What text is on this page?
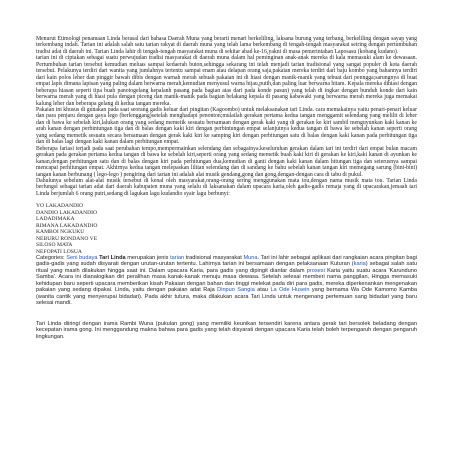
Menurut Etimologi penamaan Linda berasal dari bahasa Daerah Muna yang berarti menari berkeliling, laksana burung yang terbang, berkeliling dengan sayap yang terkembang indah. Tarian ini adalah salah satu tarian rakyat di daerah muna yang telah lama berkembang di tengah-tengah masyarakat seiring dengan pertumbuhan tradisi adat di daerah ini. Tarian Linda lahir di tengah-tengah masyarakat muna di sekitar abad ke-16,yakni di masa pemerintahan Laposasu (kobang kudano).

tarian ini di ciptakan sebagai suatu perwujudan tradisi masyarakat di daerah muna dalam hal peminginan anak-anak mereka di kala memasuki alam ke dewasaan. Pertumbuhan tarian tersebut kemudian meluas sampai kedaerah buton,sehingga sekarang ini telah menjadi tarian tradisional yang sangat populer di kota daerah tersebut. Pelakunya terdiri dari wanita yang jumlahnya tertentu sampai enam atau delapan orang saja,pakaian mereka terdiri dari baju kombo yang bahannya terdiri dari kain polos leher dan pinggir bawah dibis dengan warnah merah sebuah pakaian ini di hiasi dengan manik-manik yang tebuat dari penngga;sarungnya di buat empat lapis dimana lapisan yang paling dalam berwarna merah,kemudian menyusul warna hijau,putih,dan paling luar berwarna hitam. Kepala mereka dihiasi dengan beberapa hiasan seperti tipa buah panotogelang kepalanh pasang pada bagian atas dari pada konde pasun) yang telah di ingkar dengan bunduh konde dari kain berwarna merah yang di hiasi pula dengan piceng dan manik-manik pada bagian belakang kepala di pasang kabawaki yang berwarna merah mereka juga memakai kalung leher dan beberapa gelang di kedua tangan mereka.

Pakaian ini khusus di gunakan pada saat seorang gadis keluar dari pingitan (Kagoombo) untuk melaksanakan tari Linda. cara memakainya yaitu penari-penari keluar dan para penjaru dengan gaya lego (berlenggang)setelah menghadapi penonton;mulailah gerakan pertama kedua tangan menggamit selendang yang melilit di leher dan di bawa ke sebelah kiri,lalukan orang yang sedang memetik sesuatu bersamaan dengan gerak kaki yang di gerakan ke kiri sambil menguyunkan kaki kanan ke arah kanan dengan perbintungan tiga dan di balas dengan kaki kiri dengan perbintungan empat selanjutnya kedua tangan di bawa ke sebelah kanan seperti orang yang sedang memetik sesuatu secara bersamaan dengan gerak kaki kiri ke samping kiri dengan perbitungan satu di balas dengan kaki kanan pada perbitungan tiga dan di balas lagi dengan kaki kanan dalam perbitungan empat.

Beberapa fariasi terjadi pada saat perubahan tempo,mempermainkan selendang dan sebagainya.keseluruhan gerakan dalam tari ini terdiri dari empat bulan macam gerakan pada gerakan pertama kedua tangan di bawa ke sebelah kiri,seperti orang yang sedang memetik buah kaki kiri di gerakan ke kiri,kaki kanan di ayunkan ke kanan,dengan perhitungan satu dan di balas dengan kiri pada perhitungan dua,kemudian di ganti dengan kaki kanan dalam hitungan tiga dan seterusnya sampai mencapai perhitungan empat. Akhirnya kedua tangan melepaskan lilitan selendang dan di sandang ke bahu sebelah kanan tangan kiri memegang sarung (bini-bini) tangan kanan berbunang ( lego-lego ) pengiring dari tarian ini adalah alat musik gendang,gong dan gong,dengan-dengan cara di tabu di pukul.

Dahulunya sebelum alat-alat musik tersebut di kenal oleh masyarakat,orang-orang sering menggunakan mata tou,dengan nama musik mata tou. Tarian Linda berfungsi sebagai tarian adat dari daerah kabupaten muna yang selalu di laksanakan dalam upacara karia,oleh gadis-gadis remaja yang di upacarakan,jemaah tari Linda berjumlah 6 orang putri,sedang di lagukan lagu kudandio syair lagu berbunyi:

YO LAKADANDIO
DANDIO LAKADANDIO
LADADIMAKA
RIMANA LAKADANDIO
KAMBOI NGKUKU
NEBURU RONDANO VE
SILOSO MATA
NEFOPATI LOSUA

Categories: Seni budaya Tari Linda merupakan jenis tarian tradisional masyarakat Muna. Tari ini lahir sebagai aplikasi dari rangkaian acara pingitan bagi gadis-gadis yang sudah disyarati dengan urutan-urutan tertentu. Lahirnya tarian ini bersamaan dengan pelaksanaan Kuturan (karia) sebagai salah satu ritual yang masih dilakukan hingga saat ini. Dalam upacara Karia, para gadis yang dipingit diantar dalam prosesi Karia yaitu suatu acara 'Karunduno Samba'. Acara ini dianalogikan diri peralihan masa kanak-kanak menuju masa dewasa. Setelah selesai memberi nama panggilan, Hingga memasuki kehidupan baru seperti upacara memberikan kisah Pakaian dengan bahan dan tinggi melekat pada diri para gadis, mereka diperkenankan mengenakan pakaian yang sedang dipakai. Linda, yaitu dengan pakaian adat Raja Dinpuo Sangia atau La Ode Husein yang bernama Wa Ode Kamomo Kamba (wanita cantik yang menyerupai bidadari). Pada akhir tutura, maka dilakukan acara Tari Linda untuk mengenang pertemuan sang bidadari yang baru selesai mandi.

Tari Linda diiringi dengan irama Rambi Wuna (pukulan gong) yang memiliki keunikan tersendiri karena antara gerak tari bersolek beladang dengan kecepatan irama gong. Ini menggandung makna bahwa para gadis yang telah disyarati dengan upacara Karia telah boleh terpengaruh dengan pengaruh lingkungan.
